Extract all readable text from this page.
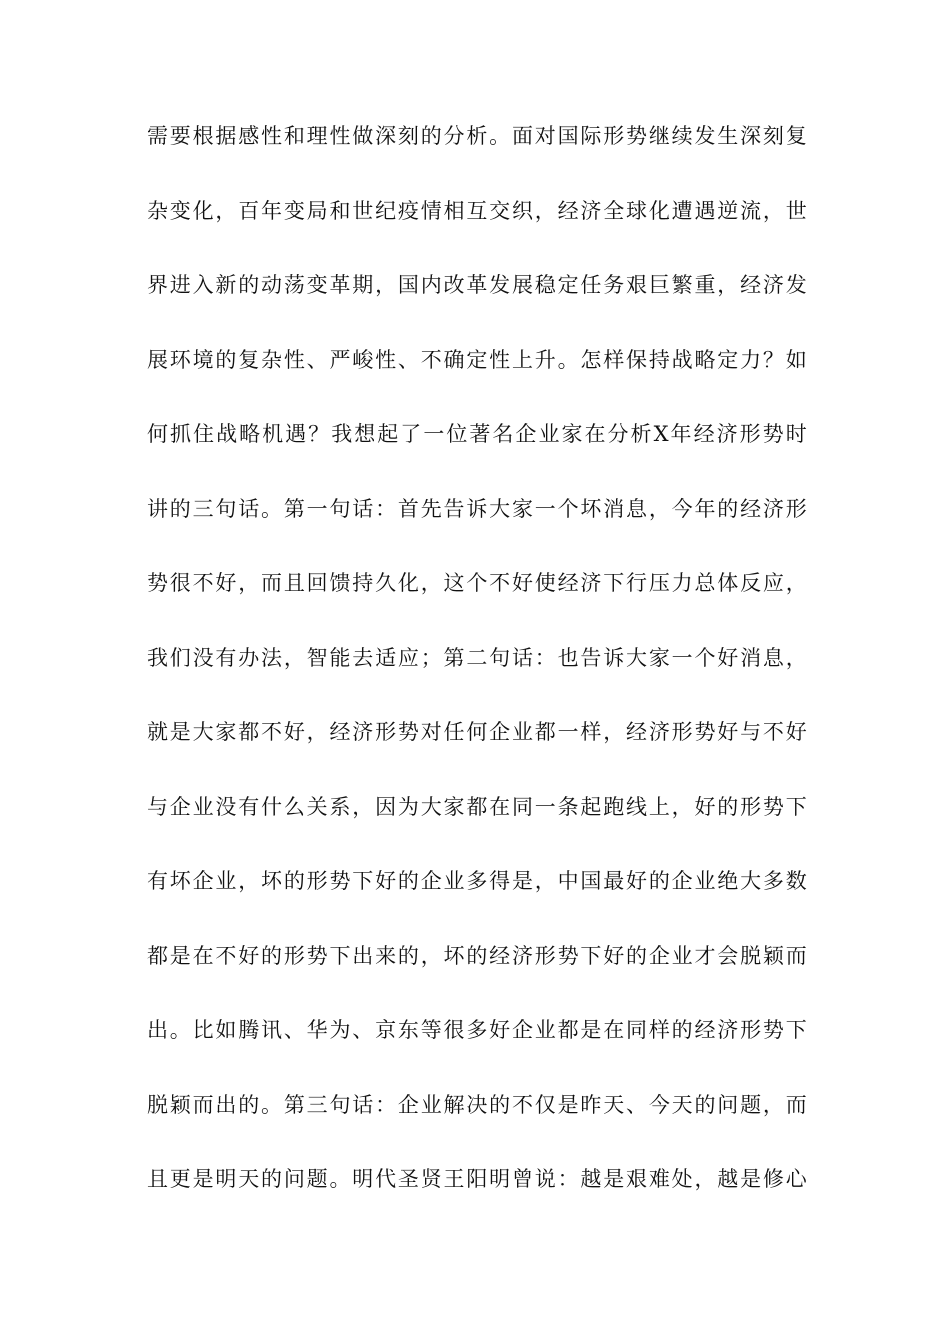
需要根据感性和理性做深刻的分析。面对国际形势继续发生深刻复
杂变化，百年变局和世纪疫情相互交织，经济全球化遭遇逆流，世
界进入新的动荡变革期，国内改革发展稳定任务艰巨繁重，经济发
展环境的复杂性、严峻性、不确定性上升。怎样保持战略定力？如
何抓住战略机遇？我想起了一位著名企业家在分析X年经济形势时
讲的三句话。第一句话：首先告诉大家一个坏消息，今年的经济形
势很不好，而且回馈持久化，这个不好使经济下行压力总体反应，
我们没有办法，智能去适应；第二句话：也告诉大家一个好消息，
就是大家都不好，经济形势对任何企业都一样，经济形势好与不好
与企业没有什么关系，因为大家都在同一条起跑线上，好的形势下
有坏企业，坏的形势下好的企业多得是，中国最好的企业绝大多数
都是在不好的形势下出来的，坏的经济形势下好的企业才会脱颖而
出。比如腾讯、华为、京东等很多好企业都是在同样的经济形势下
脱颖而出的。第三句话：企业解决的不仅是昨天、今天的问题，而
且更是明天的问题。明代圣贤王阳明曾说：越是艰难处，越是修心
